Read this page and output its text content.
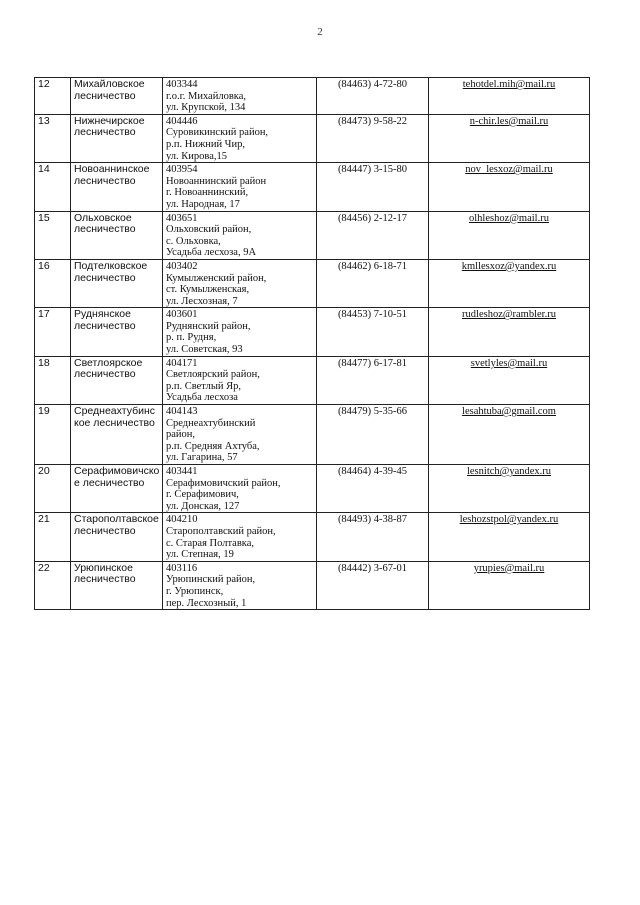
2
12	Михайловское лесничество	403344
г.о.г. Михайловка,
ул. Крупской, 134	(84463) 4-72-80	tehotdel.mih@mail.ru
13	Нижнечирское лесничество	404446
Суровикинский район,
р.п. Нижний Чир,
ул. Кирова,15	(84473) 9-58-22	n-chir.les@mail.ru
14	Новоаннинское лесничество	403954
Новоаннинский район
г. Новоаннинский,
ул. Народная, 17	(84447) 3-15-80	nov_lesxoz@mail.ru
15	Ольховское лесничество	403651
Ольховский район,
с. Ольховка,
Усадьба лесхоза, 9А	(84456) 2-12-17	olhleshoz@mail.ru
16	Подтелковское лесничество	403402
Кумылженский район,
ст. Кумылженская,
ул. Лесхозная, 7	(84462) 6-18-71	kmllesxoz@yandex.ru
17	Руднянское лесничество	403601
Руднянский район,
р. п. Рудня,
ул. Советская, 93	(84453) 7-10-51	rudleshoz@rambler.ru
18	Светлоярское лесничество	404171
Светлоярский район,
р.п. Светлый Яр,
Усадьба лесхоза	(84477) 6-17-81	svetlyles@mail.ru
19	Среднеахтубинс кое лесничество	404143
Среднеахтубинский
район,
р.п. Средняя Ахтуба,
ул. Гагарина, 57	(84479) 5-35-66	lesahtuba@gmail.com
20	Серафимовичско е лесничество	403441
Серафимовичский район,
г. Серафимович,
ул. Донская, 127	(84464) 4-39-45	lesnitch@yandex.ru
21	Старополтавское лесничество	404210
Старополтавский район,
с. Старая Полтавка,
ул. Степная, 19	(84493) 4-38-87	leshozstpol@yandex.ru
22	Урюпинское лесничество	403116
Урюпинский район,
г. Урюпинск,
пер. Лесхозный, 1	(84442) 3-67-01	yrupies@mail.ru
